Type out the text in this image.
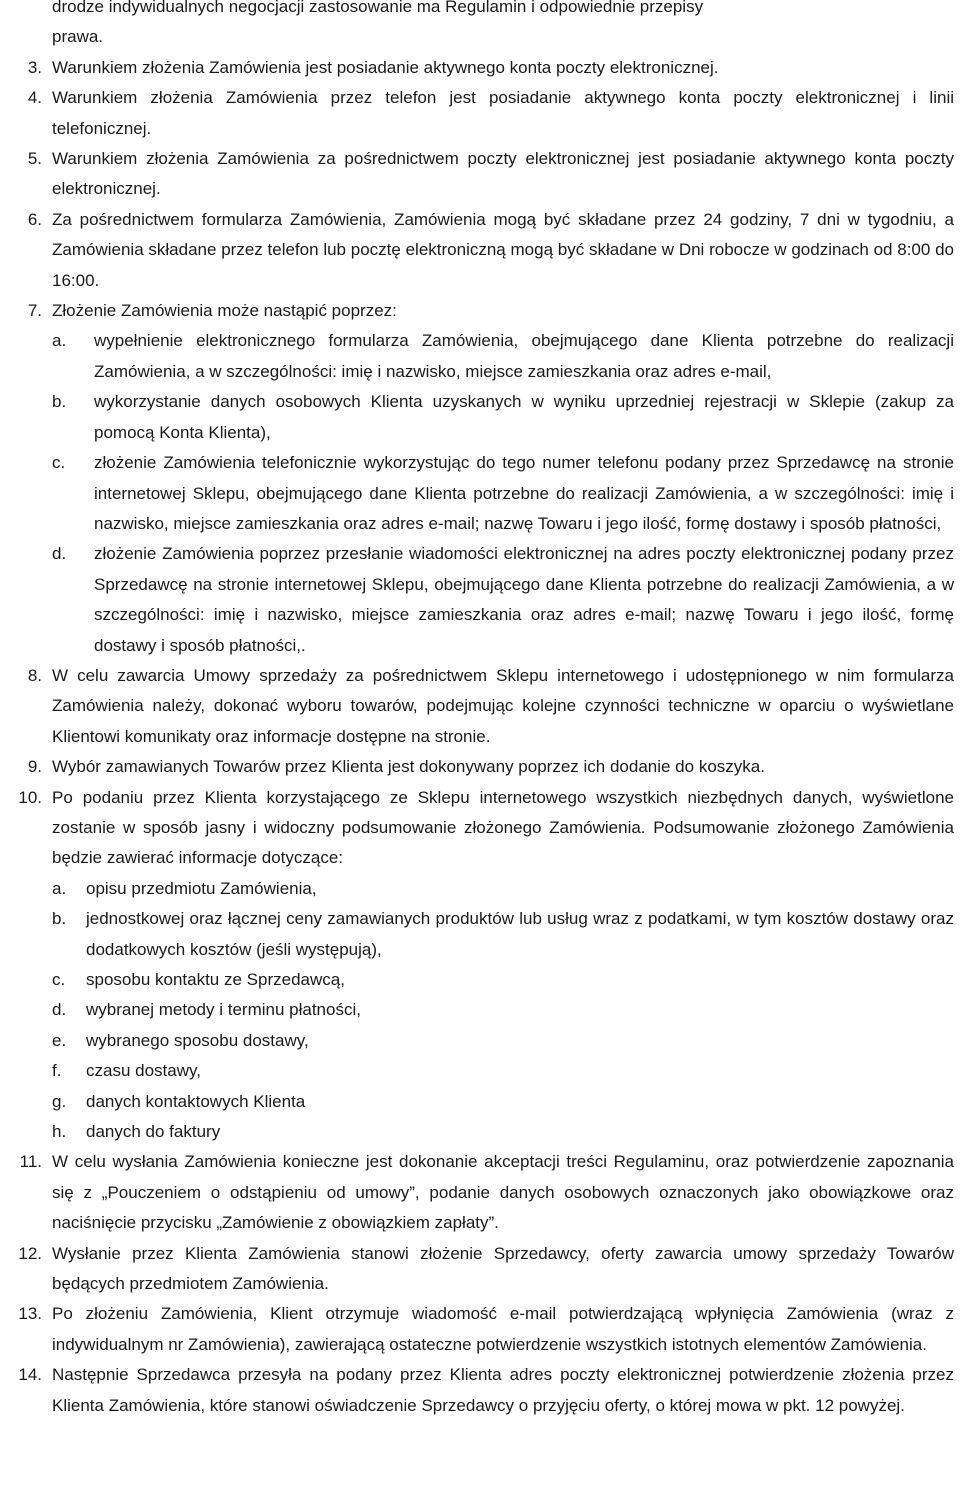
drodze indywidualnych negocjacji zastosowanie ma Regulamin i odpowiednie przepisy
prawa.
3. Warunkiem złożenia Zamówienia jest posiadanie aktywnego konta poczty elektronicznej.
4. Warunkiem złożenia Zamówienia przez telefon jest posiadanie aktywnego konta poczty elektronicznej i linii telefonicznej.
5. Warunkiem złożenia Zamówienia za pośrednictwem poczty elektronicznej jest posiadanie aktywnego konta poczty elektronicznej.
6. Za pośrednictwem formularza Zamówienia, Zamówienia mogą być składane przez 24 godziny, 7 dni w tygodniu, a Zamówienia składane przez telefon lub pocztę elektroniczną mogą być składane w Dni robocze w godzinach od 8:00 do 16:00.
7. Złożenie Zamówienia może nastąpić poprzez:
a.	wypełnienie elektronicznego formularza Zamówienia, obejmującego dane Klienta potrzebne do realizacji Zamówienia, a w szczególności: imię i nazwisko, miejsce zamieszkania oraz adres e-mail,
b.	wykorzystanie danych osobowych Klienta uzyskanych w wyniku uprzedniej rejestracji w Sklepie (zakup za pomocą Konta Klienta),
c.	złożenie Zamówienia telefonicznie wykorzystując do tego numer telefonu podany przez Sprzedawcę na stronie internetowej Sklepu, obejmującego dane Klienta potrzebne do realizacji Zamówienia, a w szczególności: imię i nazwisko, miejsce zamieszkania oraz adres e-mail; nazwę Towaru i jego ilość, formę dostawy i sposób płatności,
d.	złożenie Zamówienia poprzez przesłanie wiadomości elektronicznej na adres poczty elektronicznej podany przez Sprzedawcę na stronie internetowej Sklepu, obejmującego dane Klienta potrzebne do realizacji Zamówienia, a w szczególności: imię i nazwisko, miejsce zamieszkania oraz adres e-mail; nazwę Towaru i jego ilość, formę dostawy i sposób płatności,.
8. W celu zawarcia Umowy sprzedaży za pośrednictwem Sklepu internetowego i udostępnionego w nim formularza Zamówienia należy, dokonać wyboru towarów, podejmując kolejne czynności techniczne w oparciu o wyświetlane Klientowi komunikaty oraz informacje dostępne na stronie.
9. Wybór zamawianych Towarów przez Klienta jest dokonywany poprzez ich dodanie do koszyka.
10. Po podaniu przez Klienta korzystającego ze Sklepu internetowego wszystkich niezbędnych danych, wyświetlone zostanie w sposób jasny i widoczny podsumowanie złożonego Zamówienia. Podsumowanie złożonego Zamówienia będzie zawierać informacje dotyczące:
a.	opisu przedmiotu Zamówienia,
b.	jednostkowej oraz łącznej ceny zamawianych produktów lub usług wraz z podatkami, w tym kosztów dostawy oraz dodatkowych kosztów (jeśli występują),
c.	sposobu kontaktu ze Sprzedawcą,
d.	wybranej metody i terminu płatności,
e.	wybranego sposobu dostawy,
f.	czasu dostawy,
g.	danych kontaktowych Klienta
h.	danych do faktury
11. W celu wysłania Zamówienia konieczne jest dokonanie akceptacji treści Regulaminu, oraz potwierdzenie zapoznania się z „Pouczeniem o odstąpieniu od umowy”, podanie danych osobowych oznaczonych jako obowiązkowe oraz naciśnięcie przycisku „Zamówienie z obowiązkiem zapłaty”.
12. Wysłanie przez Klienta Zamówienia stanowi złożenie Sprzedawcy, oferty zawarcia umowy sprzedaży Towarów będących przedmiotem Zamówienia.
13. Po złożeniu Zamówienia, Klient otrzymuje wiadomość e-mail potwierdzającą wpłynięcia Zamówienia (wraz z indywidualnym nr Zamówienia), zawierającą ostateczne potwierdzenie wszystkich istotnych elementów Zamówienia.
14. Następnie Sprzedawca przesyła na podany przez Klienta adres poczty elektronicznej potwierdzenie złożenia przez Klienta Zamówienia, które stanowi oświadczenie Sprzedawcy o przyjęciu oferty, o której mowa w pkt. 12 powyżej.
